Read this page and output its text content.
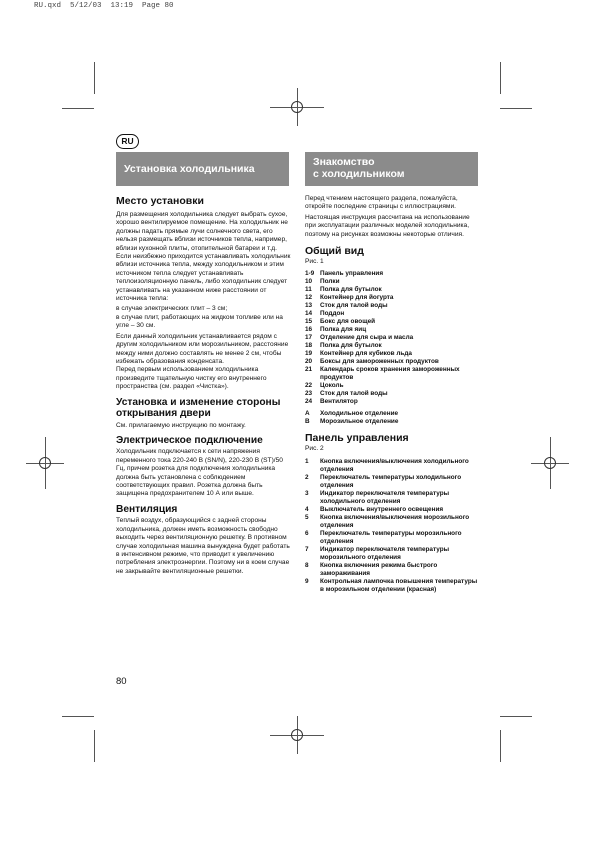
RU.qxd  5/12/03  13:19  Page 80
RU
Установка холодильника
Знакомство
с холодильником
Место установки
Для размещения холодильника следует выбрать сухое, хорошо вентилируемое помещение. На холодильник не должны падать прямые лучи солнечного света, его нельзя размещать вблизи источников тепла, например, вблизи кухонной плиты, отопительной батареи и т.д. Если неизбежно приходится устанавливать холодильник вблизи источника тепла, между холодильником и этим источником тепла следует устанавливать теплоизоляционную панель, либо холодильник следует устанавливать на указанном ниже расстоянии от источника тепла:
в случае электрических плит – 3 см;
в случае плит, работающих на жидком топливе или на угле – 30 см.
Если данный холодильник устанавливается рядом с другим холодильником или морозильником, расстояние между ними должно составлять не менее 2 см, чтобы избежать образования конденсата.
Перед первым использованием холодильника произведите тщательную чистку его внутреннего пространства (см. раздел «Чистка»).
Установка и изменение стороны открывания двери
См. прилагаемую инструкцию по монтажу.
Электрическое подключение
Холодильник подключается к сети напряжения переменного тока 220-240 В (SN/N), 220-230 В (ST)/50 Гц, причем розетка для подключения холодильника должна быть установлена с соблюдением соответствующих правил. Розетка должна быть защищена предохранителем 10 А или выше.
Вентиляция
Теплый воздух, образующийся с задней стороны холодильника, должен иметь возможность свободно выходить через вентиляционную решетку. В противном случае холодильная машина вынуждена будет работать в интенсивном режиме, что приводит к увеличению потребления электроэнергии. Поэтому ни в коем случае не закрывайте вентиляционные решетки.
Перед чтением настоящего раздела, пожалуйста, откройте последние страницы с иллюстрациями.
Настоящая инструкция рассчитана на использование при эксплуатации различных моделей холодильника, поэтому на рисунках возможны некоторые отличия.
Общий вид
Рис. 1
1-9 Панель управления
10	Полки
11	Полка для бутылок
12	Контейнер для йогурта
13	Сток для талой воды
14	Поддон
15	Бокс для овощей
16	Полка для яиц
17	Отделение для сыра и масла
18	Полка для бутылок
19	Контейнер для кубиков льда
20	Боксы для замороженных продуктов
21	Календарь сроков хранения замороженных продуктов
22	Цоколь
23	Сток для талой воды
24	Вентилятор
A	Холодильное отделение
B	Морозильное отделение
Панель управления
Рис. 2
1	Кнопка включения/выключения холодильного отделения
2	Переключатель температуры холодильного отделения
3	Индикатор переключателя температуры холодильного отделения
4	Выключатель внутреннего освещения
5	Кнопка включения/выключения морозильного отделения
6	Переключатель температуры морозильного отделения
7	Индикатор переключателя температуры морозильного отделения
8	Кнопка включения режима быстрого замораживания
9	Контрольная лампочка повышения температуры в морозильном отделении (красная)
80
